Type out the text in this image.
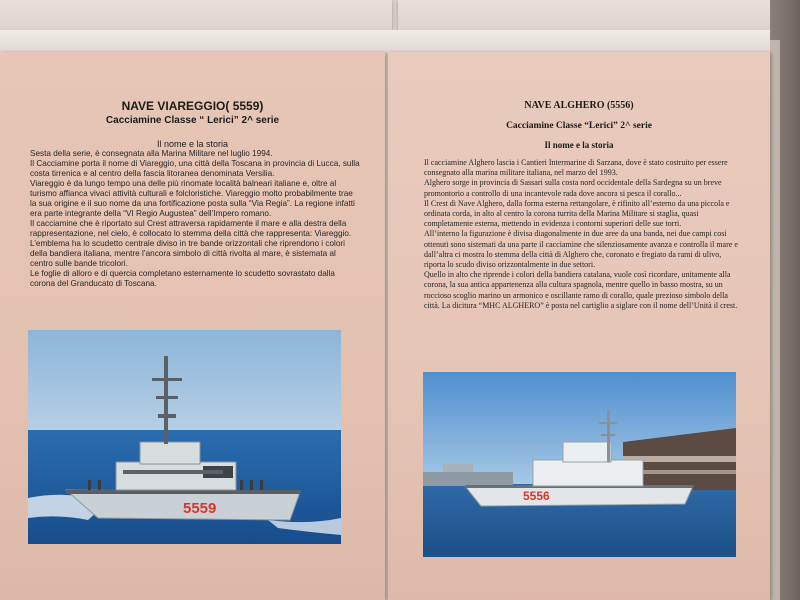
NAVE VIAREGGIO( 5559)
Cacciamine Classe “ Lerici” 2^ serie
Il nome e la storia

Sesta della serie, è consegnata alla Marina Militare nel luglio 1994.

Il Cacciamine porta il nome di Viareggio, una città della Toscana in provincia di Lucca, sulla costa tirrenica e al centro della fascia litoranea denominata Versilia.

Viareggio è da lungo tempo una delle più rinomate località balneari italiane e, oltre al turismo affianca vivaci attività culturali e folcloristiche. Viareggio molto probabilmente trae la sua origine e il suo nome da una fortificazione posta sulla “Via Regia”. La regione infatti era parte integrante della “VI Regio Augustea” dell’Impero romano.

Il cacciamine che è riportato sul Crest attraversa rapidamente il mare e alla destra della rappresentazione, nel cielo, è collocato lo stemma della città che rappresenta: Viareggio. L’emblema ha lo scudetto centrale diviso in tre bande orizzontali che riprendono i colori della bandiera italiana, mentre l’ancora simbolo di città rivolta al mare, è sistemata al centro sulle bande tricolori.

Le foglie di alloro e di quercia completano esternamente lo scudetto sovrastato dalla corona del Granducato di Toscana.

5559
NAVE ALGHERO (5556)
Cacciamine Classe “Lerici” 2^ serie
Il nome e la storia

Il cacciamine Alghero lascia i Cantieri Intermarine di Sarzana, dove è stato costruito per essere consegnato alla marina militare italiana, nel marzo del 1993.

Alghero sorge in provincia di Sassari sulla costa nord occidentale della Sardegna su un breve promontorio a controllo di una incantevole rada dove ancora si pesca il corallo...

Il Crest di Nave Alghero, dalla forma esterna rettangolare, è rifinito all’esterno da una piccola e ordinata corda, in alto al centro la corona turrita della Marina Militare si staglia, quasi completamente esterna, mettendo in evidenza i contorni superiori delle sue torri.

All’interno la figurazione è divisa diagonalmente in due aree da una banda, nei due campi cosi ottenuti sono sistemati da una parte il cacciamine che silenziosamente avanza e controlla il mare e dall’altra ci mostra lo stemma della città di Alghero che, coronato e fregiato da rami di ulivo, riporta lo scudo diviso orizzontalmente in due settori.

Quello in alto che riprende i colori della bandiera catalana, vuole così ricordare, unitamente alla corona, la sua antica appartenenza alla cultura spagnola, mentre quello in basso mostra, su un roccioso scoglio marino un armonico e oscillante ramo di corallo, quale prezioso simbolo della città. La dicitura “MHC ALGHERO” è posta nel cartiglio a siglare con il nome dell’Unità il crest.

5556
